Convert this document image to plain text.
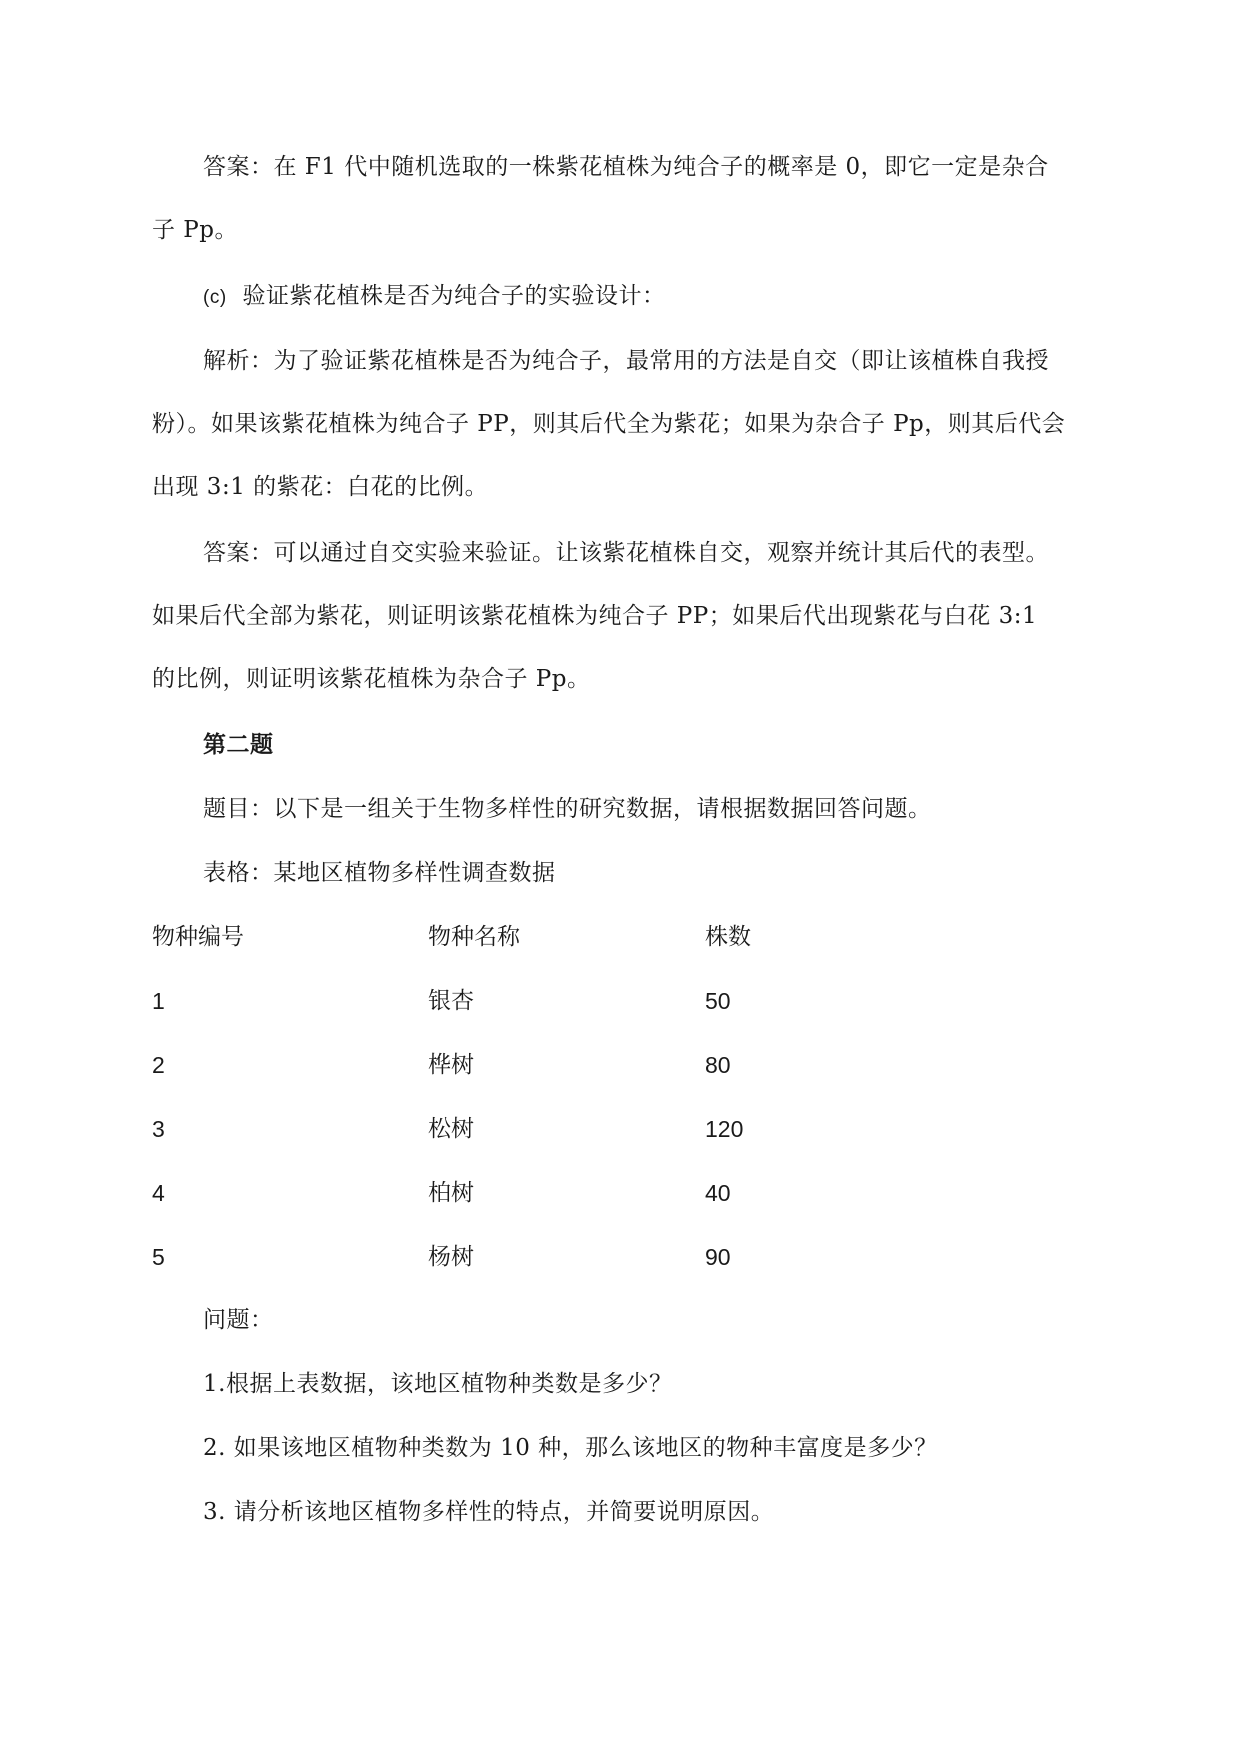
答案：在 F1 代中随机选取的一株紫花植株为纯合子的概率是 0，即它一定是杂合
子 Pp。
(c) 验证紫花植株是否为纯合子的实验设计：
解析：为了验证紫花植株是否为纯合子，最常用的方法是自交（即让该植株自我授
粉）。如果该紫花植株为纯合子 PP，则其后代全为紫花；如果为杂合子 Pp，则其后代会
出现 3:1 的紫花：白花的比例。
答案：可以通过自交实验来验证。让该紫花植株自交，观察并统计其后代的表型。
如果后代全部为紫花，则证明该紫花植株为纯合子 PP；如果后代出现紫花与白花 3:1
的比例，则证明该紫花植株为杂合子 Pp。
第二题
题目：以下是一组关于生物多样性的研究数据，请根据数据回答问题。
表格：某地区植物多样性调查数据
物种编号	物种名称	株数
1	银杏	50
2	桦树	80
3	松树	120
4	柏树	40
5	杨树	90
问题：
1.根据上表数据，该地区植物种类数是多少？
2. 如果该地区植物种类数为 10 种，那么该地区的物种丰富度是多少？
3. 请分析该地区植物多样性的特点，并简要说明原因。
